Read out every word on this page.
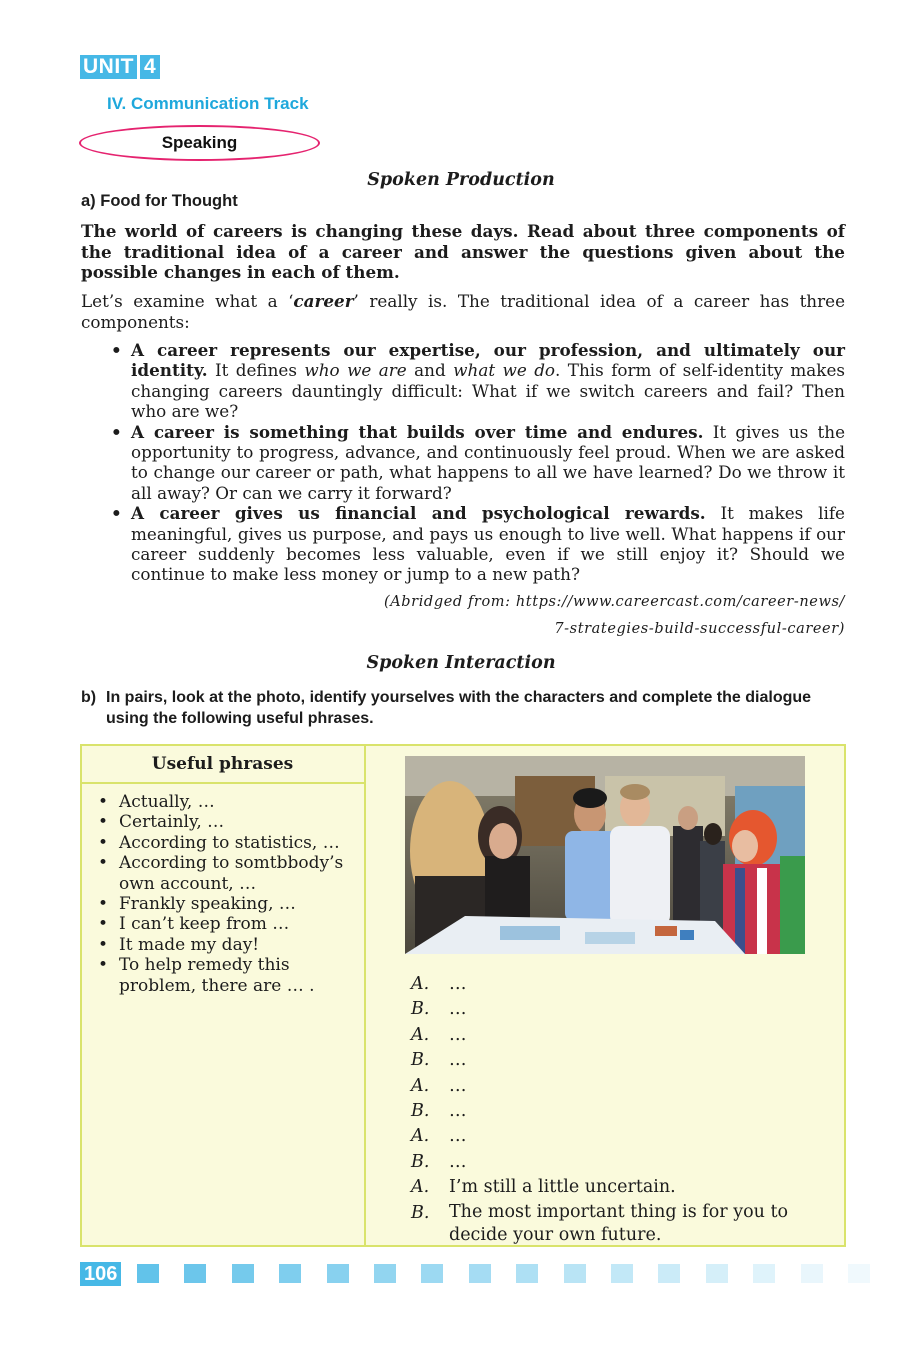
UNIT 4
IV. Communication Track
Speaking
Spoken Production
a) Food for Thought

The world of careers is changing these days. Read about three components of the traditional idea of a career and answer the questions given about the possible changes in each of them.

Let’s examine what a ‘career’ really is. The traditional idea of a career has three components:

• A career represents our expertise, our profession, and ultimately our identity. It defines who we are and what we do. This form of self-identity makes changing careers dauntingly difficult: What if we switch careers and fail? Then who are we?
• A career is something that builds over time and endures. It gives us the opportunity to progress, advance, and continuously feel proud. When we are asked to change our career or path, what happens to all we have learned? Do we throw it all away? Or can we carry it forward?
• A career gives us financial and psychological rewards. It makes life meaningful, gives us purpose, and pays us enough to live well. What happens if our career suddenly becomes less valuable, even if we still enjoy it? Should we continue to make less money or jump to a new path?
(Abridged from: https://www.careercast.com/career-news/
7-strategies-build-successful-career)
Spoken Interaction
b) In pairs, look at the photo, identify yourselves with the characters and complete the dialogue using the following useful phrases.
Useful phrases
• Actually, …
• Certainly, …
• According to statistics, …
• According to somtbbody’s own account, …
• Frankly speaking, …
• I can’t keep from …
• It made my day!
• To help remedy this problem, there are … .	A. …
B. …
A. …
B. …
A. …
B. …
A. …
B. …
A. I’m still a little uncertain.
B. The most important thing is for you to decide your own future.
106
